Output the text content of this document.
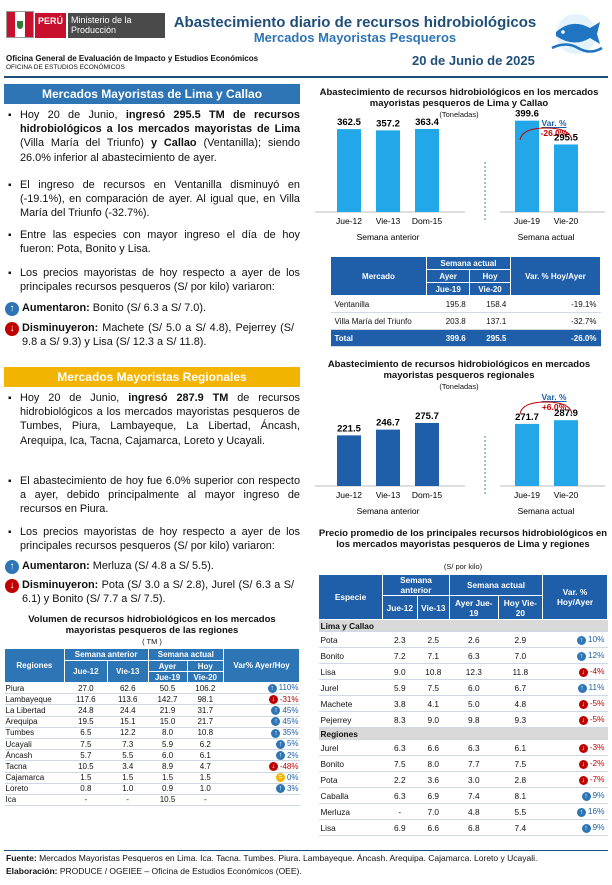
PERÚ Ministerio de la Producción	Abastecimiento diario de recursos hidrobiológicos
Mercados Mayoristas Pesqueros
Oficina General de Evaluación de Impacto y Estudios Económicos
OFICINA DE ESTUDIOS ECONÓMICOS	20 de Junio de 2025
Mercados Mayoristas de Lima y Callao
▪ Hoy 20 de Junio, ingresó 295.5 TM de recursos hidrobiológicos a los mercados mayoristas de Lima (Villa María del Triunfo) y Callao (Ventanilla); siendo 26.0% inferior al abastecimiento de ayer.
▪ El ingreso de recursos en Ventanilla disminuyó en (-19.1%), en comparación de ayer. Al igual que, en Villa María del Triunfo (-32.7%).
▪ Entre las especies con mayor ingreso el día de hoy fueron: Pota, Bonito y Lisa.
▪ Los precios mayoristas de hoy respecto a ayer de los principales recursos pesqueros (S/ por kilo) variaron:
↑ Aumentaron: Bonito (S/ 6.3 a S/ 7.0).
↓ Disminuyeron: Machete (S/ 5.0 a S/ 4.8), Pejerrey (S/ 9.8 a S/ 9.3) y Lisa (S/ 12.3 a S/ 11.8).
Mercados Mayoristas Regionales
▪ Hoy 20 de Junio, ingresó 287.9 TM de recursos hidrobiológicos a los mercados mayoristas pesqueros de Tumbes, Piura, Lambayeque, La Libertad, Áncash, Arequipa, Ica, Tacna, Cajamarca, Loreto y Ucayali.
▪ El abastecimiento de hoy fue 6.0% superior con respecto a ayer, debido principalmente al mayor ingreso de recursos en Piura.
▪ Los precios mayoristas de hoy respecto a ayer de los principales recursos pesqueros (S/ por kilo) variaron:
↑ Aumentaron: Merluza (S/ 4.8 a S/ 5.5).
↓ Disminuyeron: Pota (S/ 3.0 a S/ 2.8), Jurel (S/ 6.3 a S/ 6.1) y Bonito (S/ 7.7 a S/ 7.5).
Volumen de recursos hidrobiológicos en los mercados mayoristas pesqueros de las regiones
( TM )
Regiones	Semana anterior		Semana actual		Var% Ayer/Hoy
	Jue-12	Vie-13	Ayer	Hoy	
			Jue-19	Vie-20	
Piura	27.0	62.6	50.5	106.2	↑ 110%
Lambayeque	117.6	113.6	142.7	98.1	↓ -31%
La Libertad	24.8	24.4	21.9	31.7	↑ 45%
Arequipa	19.5	15.1	15.0	21.7	↑ 45%
Tumbes	6.5	12.2	8.0	10.8	↑ 35%
Ucayali	7.5	7.3	5.9	6.2	↑ 5%
Áncash	5.7	5.5	6.0	6.1	↑ 2%
Tacna	10.5	3.4	8.9	4.7	↓ -48%
Cajamarca	1.5	1.5	1.5	1.5	= 0%
Loreto	0.8	1.0	0.9	1.0	↑ 3%
Ica	-	-	10.5	-	
Abastecimiento de recursos hidrobiológicos en los mercados mayoristas pesqueros de Lima y Callao
(Toneladas)
Var. %
-26.0%
362.5
Jue-12
357.2
Vie-13
363.4
Dom-15
399.6
Jue-19
295.5
Vie-20
Semana anterior	Semana actual
Mercado	Semana actual		Var. % Hoy/Ayer
	Ayer	Hoy	
	Jue-19	Vie-20	
Ventanilla	195.8	158.4	-19.1%
Villa María del Triunfo	203.8	137.1	-32.7%
Total	399.6	295.5	-26.0%
Abastecimiento de recursos hidrobiológicos en mercados mayoristas pesqueros regionales
(Toneladas)
Var. %
+6.0%
221.5
Jue-12
246.7
Vie-13
275.7
Dom-15
271.7
Jue-19
287.9
Vie-20
Semana anterior	Semana actual
Precio promedio de los principales recursos hidrobiológicos en los mercados mayoristas pesqueros de Lima y regiones
(S/ por kilo)
Especie	Semana anterior		Semana actual		Var. % Hoy/Ayer
	Jue-12	Vie-13	Ayer Jue-19	Hoy Vie-20	
Lima y Callao					
Pota	2.3	2.5	2.6	2.9	↑ 10%
Bonito	7.2	7.1	6.3	7.0	↑ 12%
Lisa	9.0	10.8	12.3	11.8	↓ -4%
Jurel	5.9	7.5	6.0	6.7	↑ 11%
Machete	3.8	4.1	5.0	4.8	↓ -5%
Pejerrey	8.3	9.0	9.8	9.3	↓ -5%
Regiones					
Jurel	6.3	6.6	6.3	6.1	↓ -3%
Bonito	7.5	8.0	7.7	7.5	↓ -2%
Pota	2.2	3.6	3.0	2.8	↓ -7%
Caballa	6.3	6.9	7.4	8.1	↑ 9%
Merluza	-	7.0	4.8	5.5	↑ 16%
Lisa	6.9	6.6	6.8	7.4	↑ 9%
Fuente: Mercados Mayoristas Pesqueros en Lima. Ica. Tacna. Tumbes. Piura. Lambayeque. Áncash. Arequipa. Cajamarca. Loreto y Ucayali.
Elaboración: PRODUCE / OGEIEE – Oficina de Estudios Económicos (OEE).
